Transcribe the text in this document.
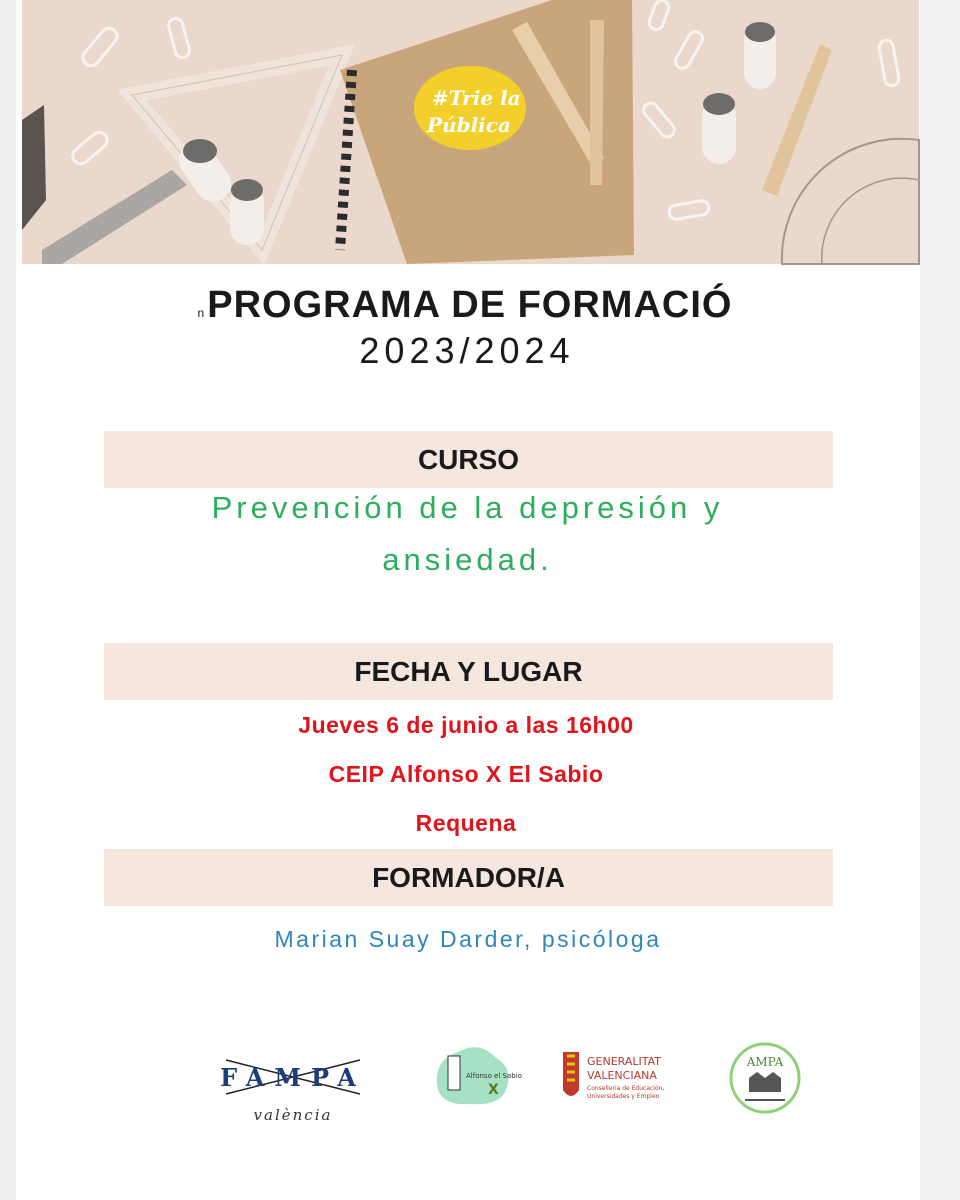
#Trie la
Pública
nPROGRAMA DE FORMACIÓ
2023/2024
CURSO
Prevención de la depresión y
ansiedad.
FECHA Y LUGAR
Jueves 6 de junio a las 16h00
CEIP Alfonso X El Sabio
Requena
FORMADOR/A
Marian Suay Darder, psicóloga
FAMPA
valència
Alfonso el Sabio
X
GENERALITAT
VALENCIANA
Conselleria de Educación,
Universidades y Empleo
AMPA
